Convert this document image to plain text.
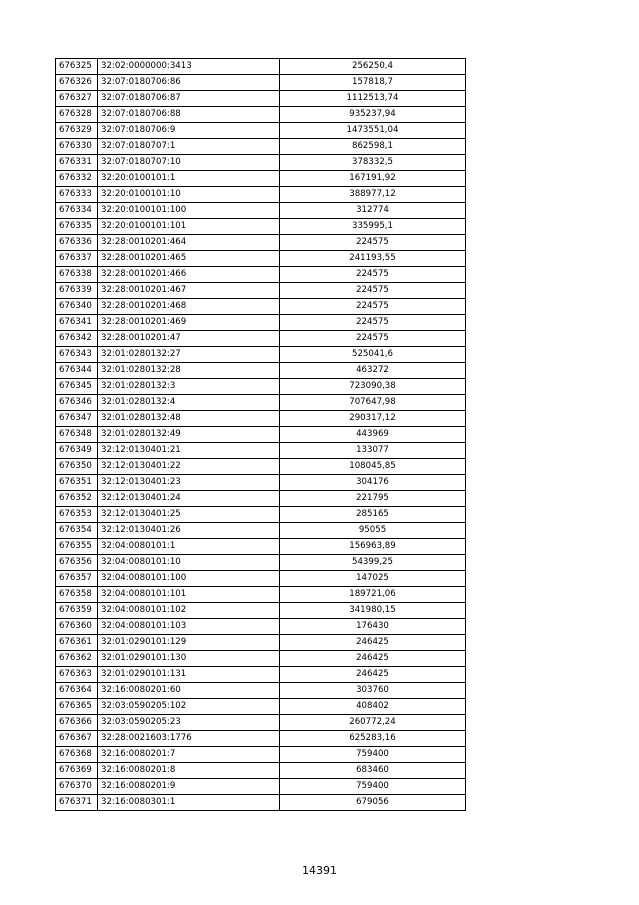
676325	32:02:0000000:3413	256250,4
676326	32:07:0180706:86	157818,7
676327	32:07:0180706:87	1112513,74
676328	32:07:0180706:88	935237,94
676329	32:07:0180706:9	1473551,04
676330	32:07:0180707:1	862598,1
676331	32:07:0180707:10	378332,5
676332	32:20:0100101:1	167191,92
676333	32:20:0100101:10	388977,12
676334	32:20:0100101:100	312774
676335	32:20:0100101:101	335995,1
676336	32:28:0010201:464	224575
676337	32:28:0010201:465	241193,55
676338	32:28:0010201:466	224575
676339	32:28:0010201:467	224575
676340	32:28:0010201:468	224575
676341	32:28:0010201:469	224575
676342	32:28:0010201:47	224575
676343	32:01:0280132:27	525041,6
676344	32:01:0280132:28	463272
676345	32:01:0280132:3	723090,38
676346	32:01:0280132:4	707647,98
676347	32:01:0280132:48	290317,12
676348	32:01:0280132:49	443969
676349	32:12:0130401:21	133077
676350	32:12:0130401:22	108045,85
676351	32:12:0130401:23	304176
676352	32:12:0130401:24	221795
676353	32:12:0130401:25	285165
676354	32:12:0130401:26	95055
676355	32:04:0080101:1	156963,89
676356	32:04:0080101:10	54399,25
676357	32:04:0080101:100	147025
676358	32:04:0080101:101	189721,06
676359	32:04:0080101:102	341980,15
676360	32:04:0080101:103	176430
676361	32:01:0290101:129	246425
676362	32:01:0290101:130	246425
676363	32:01:0290101:131	246425
676364	32:16:0080201:60	303760
676365	32:03:0590205:102	408402
676366	32:03:0590205:23	260772,24
676367	32:28:0021603:1776	625283,16
676368	32:16:0080201:7	759400
676369	32:16:0080201:8	683460
676370	32:16:0080201:9	759400
676371	32:16:0080301:1	679056
14391
